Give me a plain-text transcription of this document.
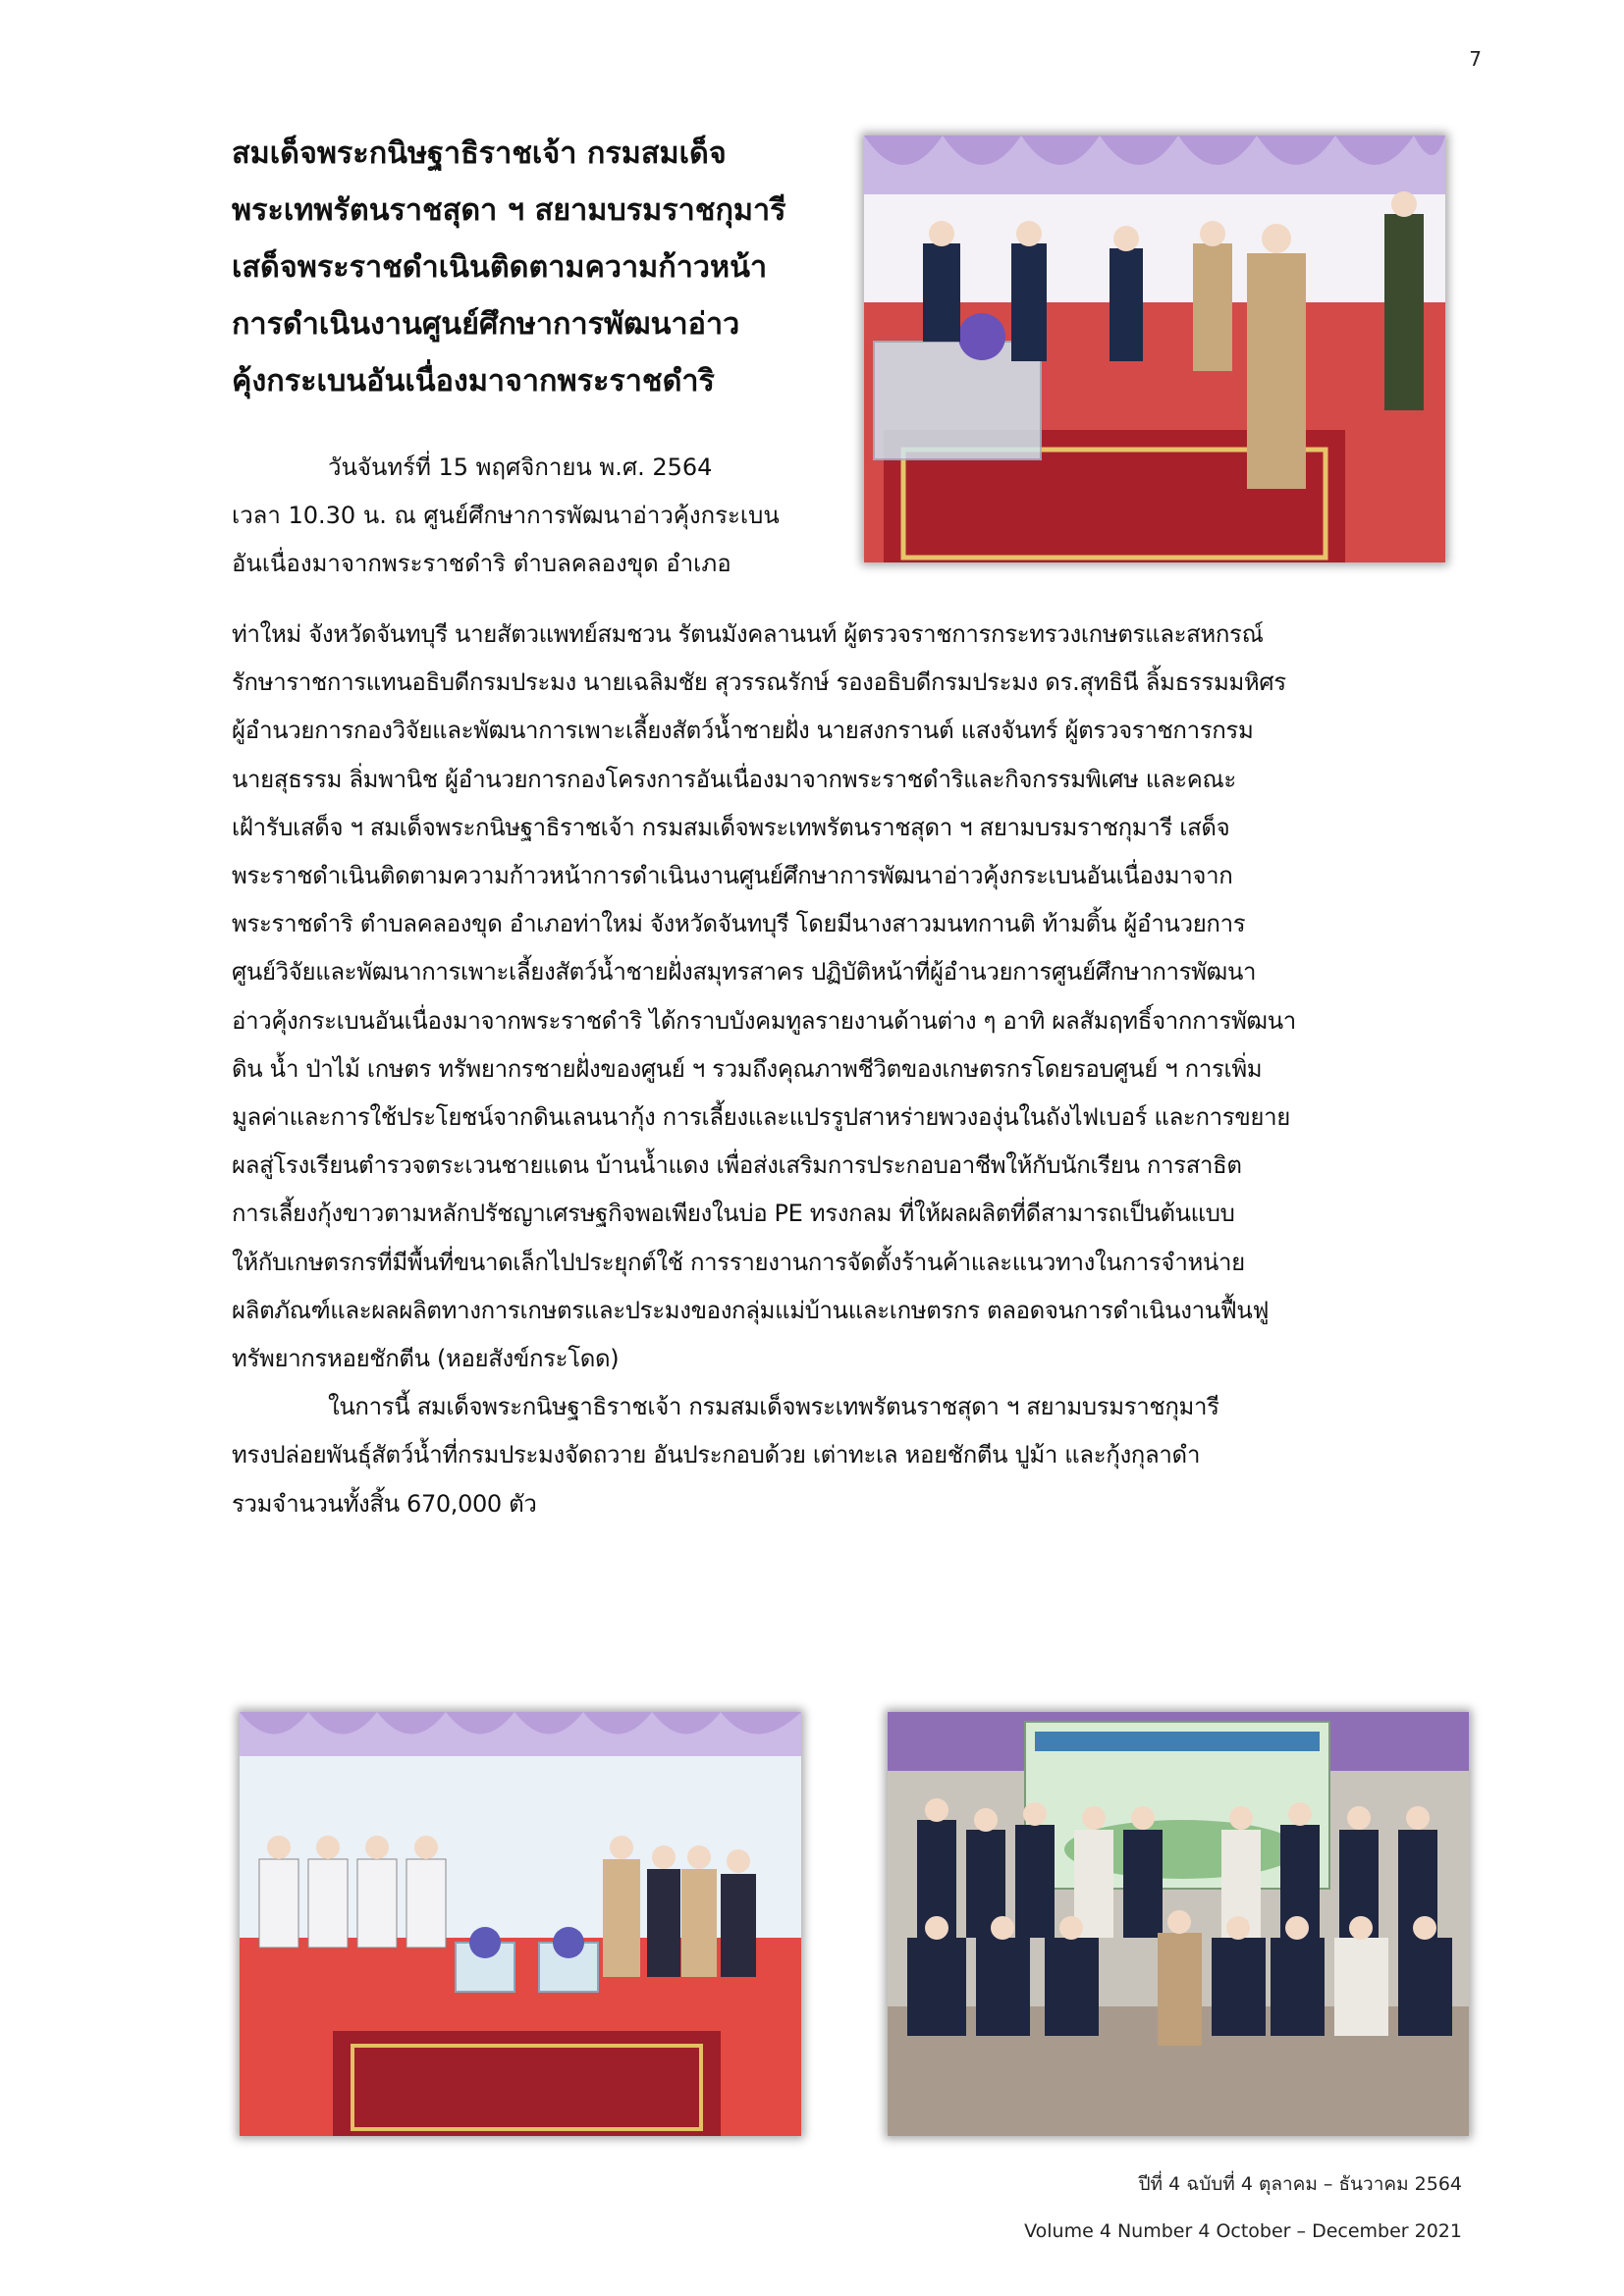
7
สมเด็จพระกนิษฐาธิราชเจ้า กรมสมเด็จ
พระเทพรัตนราชสุดา ฯ สยามบรมราชกุมารี
เสด็จพระราชดำเนินติดตามความก้าวหน้า
การดำเนินงานศูนย์ศึกษาการพัฒนาอ่าว
คุ้งกระเบนอันเนื่องมาจากพระราชดำริ
วันจันทร์ที่ 15 พฤศจิกายน พ.ศ. 2564
เวลา 10.30 น. ณ ศูนย์ศึกษาการพัฒนาอ่าวคุ้งกระเบน
อันเนื่องมาจากพระราชดำริ ตำบลคลองขุด อำเภอ
ท่าใหม่ จังหวัดจันทบุรี นายสัตวแพทย์สมชวน รัตนมังคลานนท์ ผู้ตรวจราชการกระทรวงเกษตรและสหกรณ์
รักษาราชการแทนอธิบดีกรมประมง นายเฉลิมชัย สุวรรณรักษ์ รองอธิบดีกรมประมง ดร.สุทธินี ลิ้มธรรมมหิศร
ผู้อำนวยการกองวิจัยและพัฒนาการเพาะเลี้ยงสัตว์น้ำชายฝั่ง นายสงกรานต์ แสงจันทร์ ผู้ตรวจราชการกรม
นายสุธรรม ลิ่มพานิช ผู้อำนวยการกองโครงการอันเนื่องมาจากพระราชดำริและกิจกรรมพิเศษ และคณะ
เฝ้ารับเสด็จ ฯ สมเด็จพระกนิษฐาธิราชเจ้า กรมสมเด็จพระเทพรัตนราชสุดา ฯ สยามบรมราชกุมารี เสด็จ
พระราชดำเนินติดตามความก้าวหน้าการดำเนินงานศูนย์ศึกษาการพัฒนาอ่าวคุ้งกระเบนอันเนื่องมาจาก
พระราชดำริ ตำบลคลองขุด อำเภอท่าใหม่ จังหวัดจันทบุรี โดยมีนางสาวมนทกานติ ท้ามติ้น ผู้อำนวยการ
ศูนย์วิจัยและพัฒนาการเพาะเลี้ยงสัตว์น้ำชายฝั่งสมุทรสาคร ปฏิบัติหน้าที่ผู้อำนวยการศูนย์ศึกษาการพัฒนา
อ่าวคุ้งกระเบนอันเนื่องมาจากพระราชดำริ ได้กราบบังคมทูลรายงานด้านต่าง ๆ อาทิ ผลสัมฤทธิ์จากการพัฒนา
ดิน น้ำ ป่าไม้ เกษตร ทรัพยากรชายฝั่งของศูนย์ ฯ รวมถึงคุณภาพชีวิตของเกษตรกรโดยรอบศูนย์ ฯ การเพิ่ม
มูลค่าและการใช้ประโยชน์จากดินเลนนากุ้ง การเลี้ยงและแปรรูปสาหร่ายพวงองุ่นในถังไฟเบอร์ และการขยาย
ผลสู่โรงเรียนตำรวจตระเวนชายแดน บ้านน้ำแดง เพื่อส่งเสริมการประกอบอาชีพให้กับนักเรียน การสาธิต
การเลี้ยงกุ้งขาวตามหลักปรัชญาเศรษฐกิจพอเพียงในบ่อ PE ทรงกลม ที่ให้ผลผลิตที่ดีสามารถเป็นต้นแบบ
ให้กับเกษตรกรที่มีพื้นที่ขนาดเล็กไปประยุกต์ใช้ การรายงานการจัดตั้งร้านค้าและแนวทางในการจำหน่าย
ผลิตภัณฑ์และผลผลิตทางการเกษตรและประมงของกลุ่มแม่บ้านและเกษตรกร ตลอดจนการดำเนินงานฟื้นฟู
ทรัพยากรหอยชักตีน (หอยสังข์กระโดด)
ในการนี้ สมเด็จพระกนิษฐาธิราชเจ้า กรมสมเด็จพระเทพรัตนราชสุดา ฯ สยามบรมราชกุมารี
ทรงปล่อยพันธุ์สัตว์น้ำที่กรมประมงจัดถวาย อันประกอบด้วย เต่าทะเล หอยชักตีน ปูม้า และกุ้งกุลาดำ
รวมจำนวนทั้งสิ้น 670,000 ตัว
ปีที่ 4 ฉบับที่ 4 ตุลาคม – ธันวาคม 2564
Volume 4 Number 4 October – December 2021
